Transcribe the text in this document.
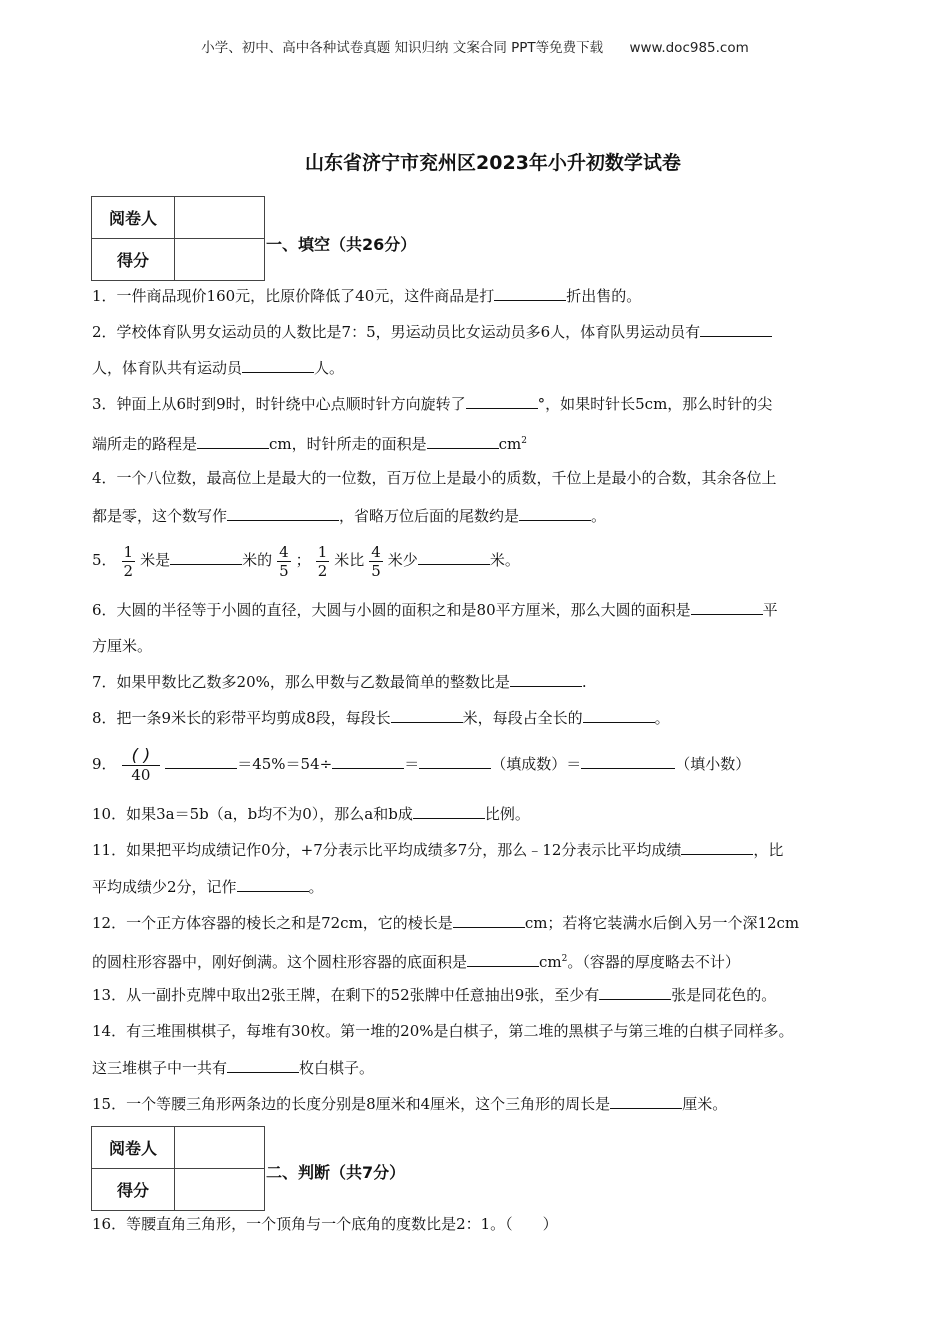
小学、初中、高中各种试卷真题 知识归纳 文案合同 PPT等免费下载 www.doc985.com
山东省济宁市兖州区2023年小升初数学试卷
阅卷人	
得分	
一、填空（共26分）
1．一件商品现价160元，比原价降低了40元，这件商品是打	折出售的。
2．学校体育队男女运动员的人数比是7：5，男运动员比女运动员多6人，体育队男运动员有
人，体育队共有运动员	人。
3．钟面上从6时到9时，时针绕中心点顺时针方向旋转了	°，如果时针长5cm，那么时针的尖
端所走的路程是	cm，时针所走的面积是	$cm^2$
4．一个八位数，最高位上是最大的一位数，百万位上是最小的质数，千位上是最小的合数，其余各位上
都是零，这个数写作	，省略万位后面的尾数约是	。
5． $\frac{1}{2}$ 米是	米的 $\frac{4}{5}$ ； $\frac{1}{2}$ 米比 $\frac{4}{5}$ 米少	米。
6．大圆的半径等于小圆的直径，大圆与小圆的面积之和是80平方厘米，那么大圆的面积是	平
方厘米。
7．如果甲数比乙数多20%，那么甲数与乙数最简单的整数比是	.
8．把一条9米长的彩带平均剪成8段，每段长	米，每段占全长的	。
9． $\frac{( )}{40}$	＝45%＝54÷	＝	（填成数）＝	（填小数）
10．如果3a＝5b（a，b均不为0），那么a和b成	比例。
11．如果把平均成绩记作0分，+7分表示比平均成绩多7分，那么﹣12分表示比平均成绩	，比
平均成绩少2分，记作	。
12．一个正方体容器的棱长之和是72cm，它的棱长是	cm；若将它装满水后倒入另一个深12cm
的圆柱形容器中，刚好倒满。这个圆柱形容器的底面积是	$cm^2$。（容器的厚度略去不计）
13．从一副扑克牌中取出2张王牌，在剩下的52张牌中任意抽出9张，至少有	张是同花色的。
14．有三堆围棋棋子，每堆有30枚。第一堆的20%是白棋子，第二堆的黑棋子与第三堆的白棋子同样多。
这三堆棋子中一共有	枚白棋子。
15．一个等腰三角形两条边的长度分别是8厘米和4厘米，这个三角形的周长是	厘米。
阅卷人	
得分	
二、判断（共7分）
16．等腰直角三角形，一个顶角与一个底角的度数比是2：1。（　　）
